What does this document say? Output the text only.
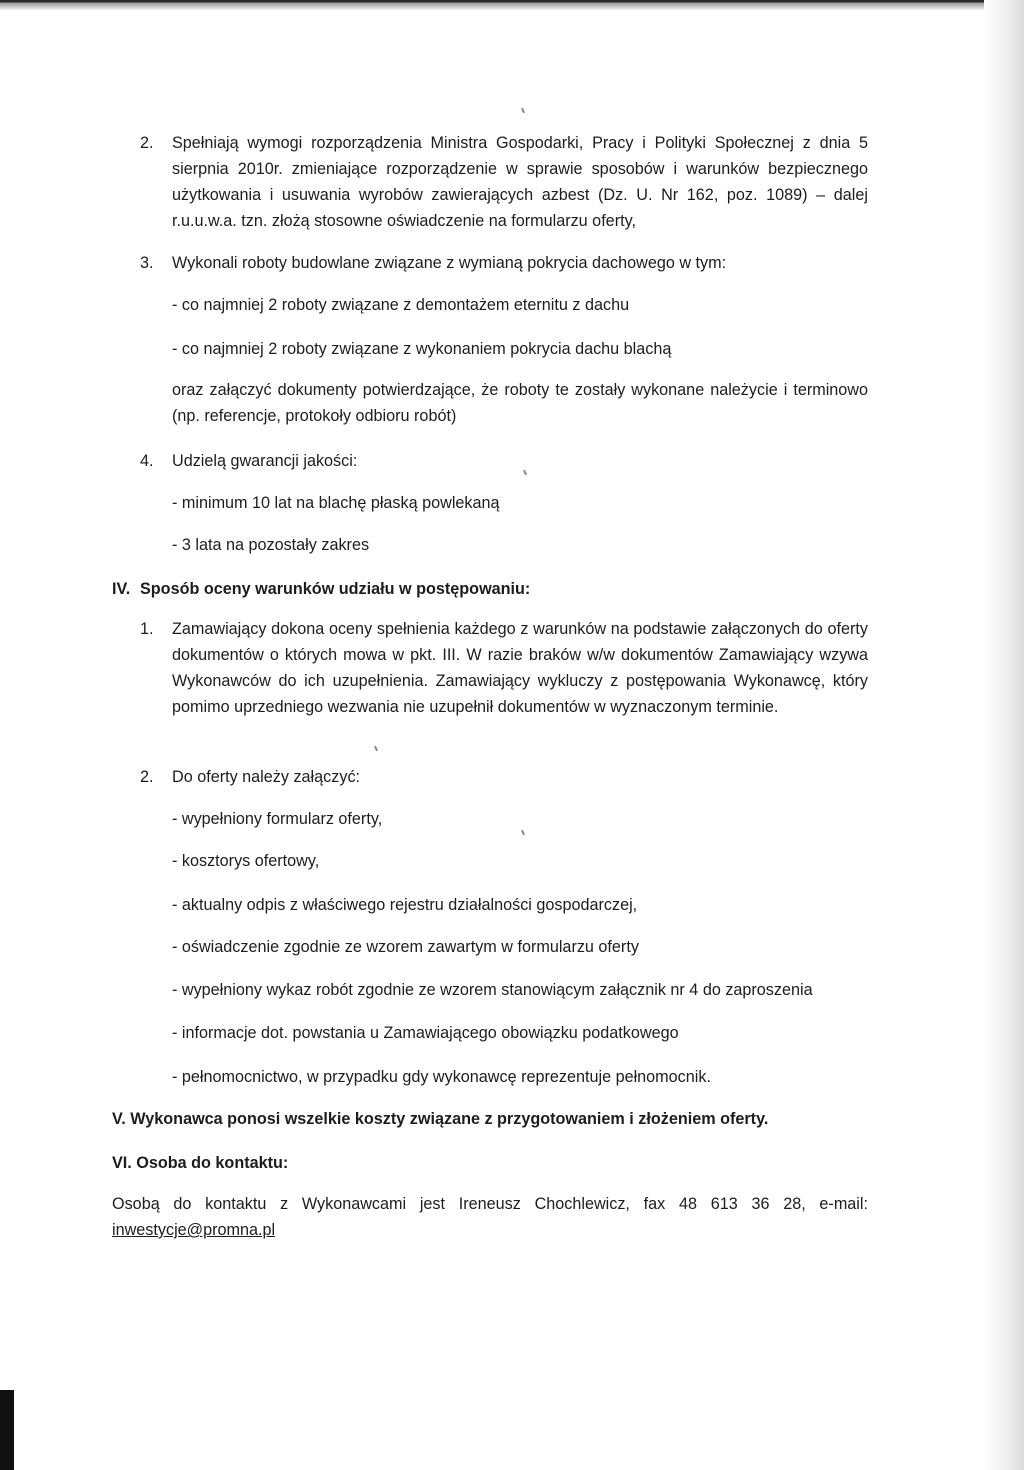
2. Spełniają wymogi rozporządzenia Ministra Gospodarki, Pracy i Polityki Społecznej z dnia 5 sierpnia 2010r. zmieniające rozporządzenie w sprawie sposobów i warunków bezpiecznego użytkowania i usuwania wyrobów zawierających azbest (Dz. U. Nr 162, poz. 1089) – dalej r.u.u.w.a. tzn. złożą stosowne oświadczenie na formularzu oferty,
3. Wykonali roboty budowlane związane z wymianą pokrycia dachowego w tym:
- co najmniej 2 roboty związane z demontażem eternitu z dachu
- co najmniej 2 roboty związane z wykonaniem pokrycia dachu blachą
oraz załączyć dokumenty potwierdzające, że roboty te zostały wykonane należycie i terminowo (np. referencje, protokoły odbioru robót)
4. Udzielą gwarancji jakości:
- minimum 10 lat na blachę płaską powlekaną
- 3 lata na pozostały zakres
IV. Sposób oceny warunków udziału w postępowaniu:
1. Zamawiający dokona oceny spełnienia każdego z warunków na podstawie załączonych do oferty dokumentów o których mowa w pkt. III. W razie braków w/w dokumentów Zamawiający wzywa Wykonawców do ich uzupełnienia. Zamawiający wykluczy z postępowania Wykonawcę, który pomimo uprzedniego wezwania nie uzupełnił dokumentów w wyznaczonym terminie.
2. Do oferty należy załączyć:
- wypełniony formularz oferty,
- kosztorys ofertowy,
- aktualny odpis z właściwego rejestru działalności gospodarczej,
- oświadczenie zgodnie ze wzorem zawartym w formularzu oferty
- wypełniony wykaz robót zgodnie ze wzorem stanowiącym załącznik nr 4 do zaproszenia
- informacje dot. powstania u Zamawiającego obowiązku podatkowego
- pełnomocnictwo, w przypadku gdy wykonawcę reprezentuje pełnomocnik.
V. Wykonawca ponosi wszelkie koszty związane z przygotowaniem i złożeniem oferty.
VI. Osoba do kontaktu:
Osobą do kontaktu z Wykonawcami jest Ireneusz Chochlewicz, fax 48 613 36 28, e-mail:
inwestycje@promna.pl
